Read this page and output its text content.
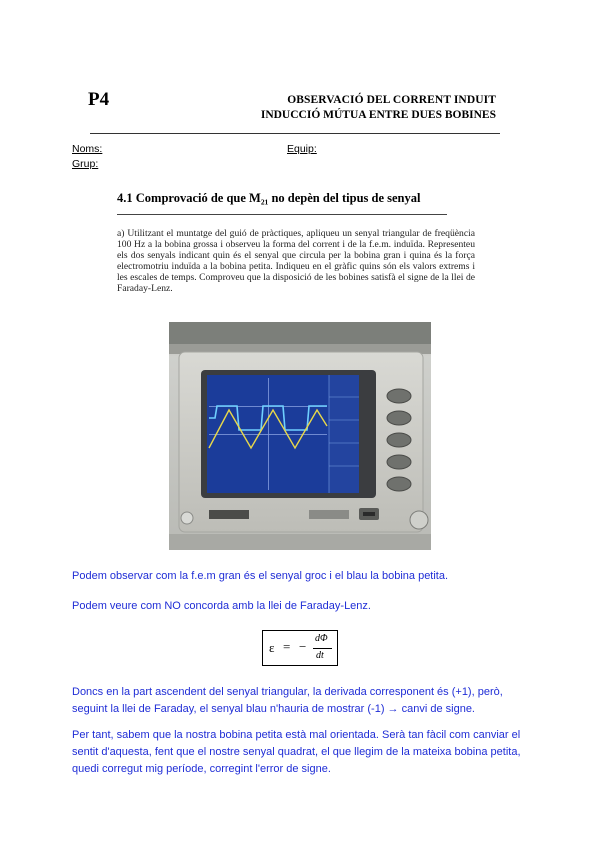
P4	OBSERVACIÓ DEL CORRENT INDUIT
INDUCCIÓ MÚTUA ENTRE DUES BOBINES
Noms:	Equip:
Grup:
4.1 Comprovació de que M₂₁ no depèn del tipus de senyal
a) Utilitzant el muntatge del guió de pràctiques, apliqueu un senyal triangular de freqüència 100 Hz a la bobina grossa i observeu la forma del corrent i de la f.e.m. induïda. Representeu els dos senyals indicant quin és el senyal que circula per la bobina gran i quina és la força electromotriu induïda a la bobina petita. Indiqueu en el gràfic quins són els valors extrems i les escales de temps. Comproveu que la disposició de les bobines satisfà el signe de la llei de Faraday-Lenz.
Podem observar com la f.e.m gran és el senyal groc i el blau la bobina petita.
Podem veure com NO concorda amb la llei de Faraday-Lenz.
ε = −
dΦ
dt
Doncs en la part ascendent del senyal triangular, la derivada corresponent és (+1), però, seguint la llei de Faraday, el senyal blau n'hauria de mostrar (-1) → canvi de signe.
Per tant, sabem que la nostra bobina petita està mal orientada. Serà tan fàcil com canviar el sentit d'aquesta, fent que el nostre senyal quadrat, el que llegim de la mateixa bobina petita, quedi corregut mig període, corregint l'error de signe.
